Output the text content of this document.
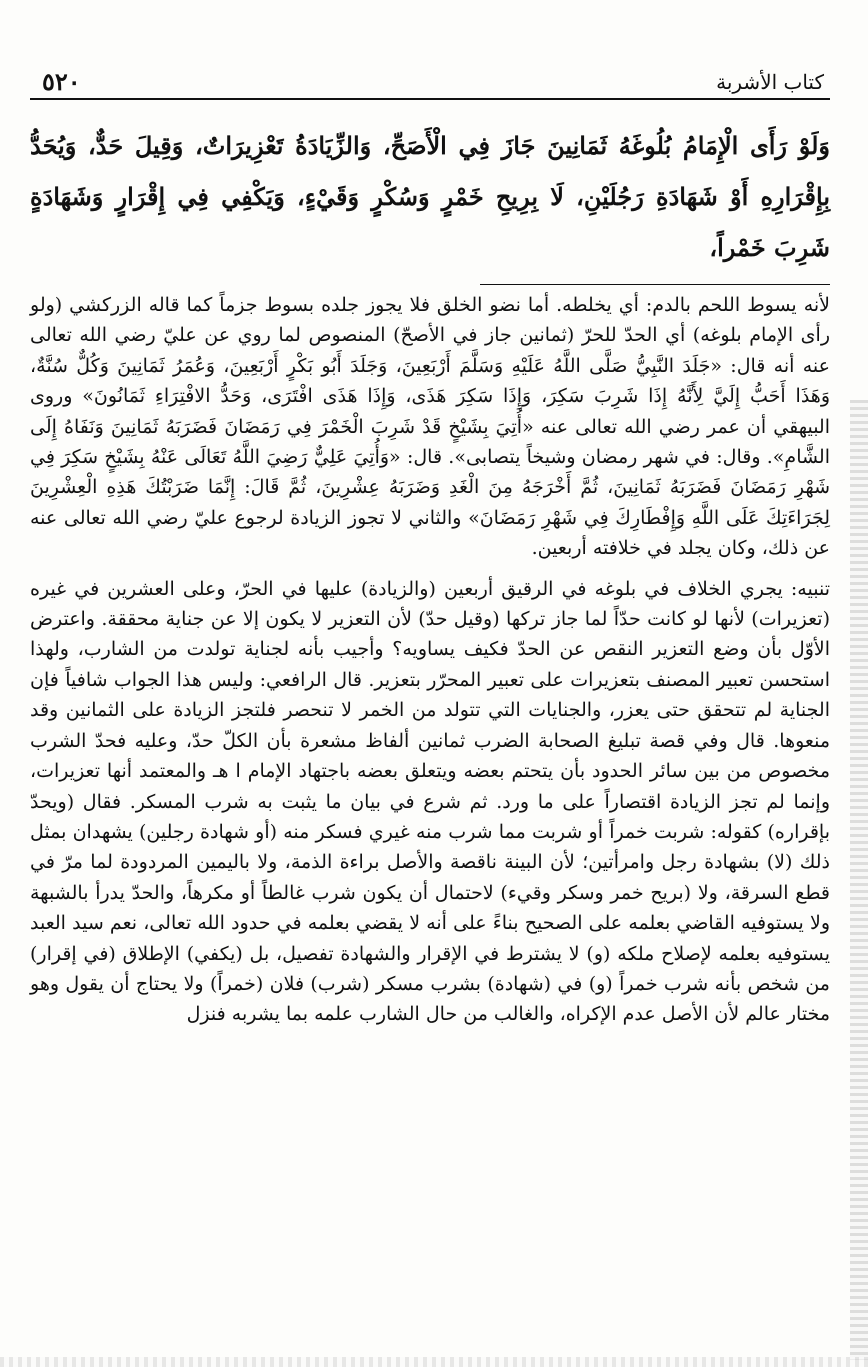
٥٢٠	كتاب الأشربة
وَلَوْ رَأَى الْإِمَامُ بُلُوغَهُ ثَمَانِينَ جَازَ فِي الْأَصَحِّ، وَالزِّيَادَةُ تَعْزِيرَاتٌ، وَقِيلَ حَدٌّ، وَيُحَدُّ بِإِقْرَارِهِ أَوْ شَهَادَةِ رَجُلَيْنِ، لَا بِرِيحِ خَمْرٍ وَسُكْرٍ وَقَيْءٍ، وَيَكْفِي فِي إِقْرَارٍ وَشَهَادَةٍ شَرِبَ خَمْراً،

لأنه يسوط اللحم بالدم: أي يخلطه. أما نضو الخلق فلا يجوز جلده بسوط جزماً كما قاله الزركشي (ولو رأى الإمام بلوغه) أي الحدّ للحرّ (ثمانين جاز في الأصحّ) المنصوص لما روي عن عليّ رضي الله تعالى عنه أنه قال: «جَلَدَ النَّبِيُّ صَلَّى اللَّهُ عَلَيْهِ وَسَلَّمَ أَرْبَعِينَ، وَجَلَدَ أَبُو بَكْرٍ أَرْبَعِينَ، وَعُمَرُ ثَمَانِينَ وَكُلٌّ سُنَّةٌ، وَهَذَا أَحَبُّ إِلَيَّ لِأَنَّهُ إِذَا شَرِبَ سَكِرَ، وَإِذَا سَكِرَ هَذَى، وَإِذَا هَذَى افْتَرَى، وَحَدُّ الافْتِرَاءِ ثَمَانُونَ» وروى البيهقي أن عمر رضي الله تعالى عنه «أُتِيَ بِشَيْخٍ قَدْ شَرِبَ الْخَمْرَ فِي رَمَضَانَ فَضَرَبَهُ ثَمَانِينَ وَنَفَاهُ إِلَى الشَّامِ». وقال: في شهر رمضان وشيخاً يتصابى». قال: «وَأُتِيَ عَلِيٌّ رَضِيَ اللَّهُ تَعَالَى عَنْهُ بِشَيْخٍ سَكِرَ فِي شَهْرِ رَمَضَانَ فَضَرَبَهُ ثَمَانِينَ، ثُمَّ أَخْرَجَهُ مِنَ الْغَدِ وَضَرَبَهُ عِشْرِينَ، ثُمَّ قَالَ: إِنَّمَا ضَرَبْتُكَ هَذِهِ الْعِشْرِينَ لِجَرَاءَتِكَ عَلَى اللَّهِ وَإِفْطَارِكَ فِي شَهْرِ رَمَضَانَ» والثاني لا تجوز الزيادة لرجوع عليّ رضي الله تعالى عنه عن ذلك، وكان يجلد في خلافته أربعين.

تنبيه: يجري الخلاف في بلوغه في الرقيق أربعين (والزيادة) عليها في الحرّ، وعلى العشرين في غيره (تعزيرات) لأنها لو كانت حدّاً لما جاز تركها (وقيل حدّ) لأن التعزير لا يكون إلا عن جناية محققة. واعترض الأوّل بأن وضع التعزير النقص عن الحدّ فكيف يساويه؟ وأجيب بأنه لجناية تولدت من الشارب، ولهذا استحسن تعبير المصنف بتعزيرات على تعبير المحرّر بتعزير. قال الرافعي: وليس هذا الجواب شافياً فإن الجناية لم تتحقق حتى يعزر، والجنايات التي تتولد من الخمر لا تنحصر فلتجز الزيادة على الثمانين وقد منعوها. قال وفي قصة تبليغ الصحابة الضرب ثمانين ألفاظ مشعرة بأن الكلّ حدّ، وعليه فحدّ الشرب مخصوص من بين سائر الحدود بأن يتحتم بعضه ويتعلق بعضه باجتهاد الإمام ا هـ والمعتمد أنها تعزيرات، وإنما لم تجز الزيادة اقتصاراً على ما ورد. ثم شرع في بيان ما يثبت به شرب المسكر. فقال (ويحدّ بإقراره) كقوله: شربت خمراً أو شربت مما شرب منه غيري فسكر منه (أو شهادة رجلين) يشهدان بمثل ذلك (لا) بشهادة رجل وامرأتين؛ لأن البينة ناقصة والأصل براءة الذمة، ولا باليمين المردودة لما مرّ في قطع السرقة، ولا (بريح خمر وسكر وقيء) لاحتمال أن يكون شرب غالطاً أو مكرهاً، والحدّ يدرأ بالشبهة ولا يستوفيه القاضي بعلمه على الصحيح بناءً على أنه لا يقضي بعلمه في حدود الله تعالى، نعم سيد العبد يستوفيه بعلمه لإصلاح ملكه (و) لا يشترط في الإقرار والشهادة تفصيل، بل (يكفي) الإطلاق (في إقرار) من شخص بأنه شرب خمراً (و) في (شهادة) بشرب مسكر (شرب) فلان (خمراً) ولا يحتاج أن يقول وهو مختار عالم لأن الأصل عدم الإكراه، والغالب من حال الشارب علمه بما يشربه فنزل
